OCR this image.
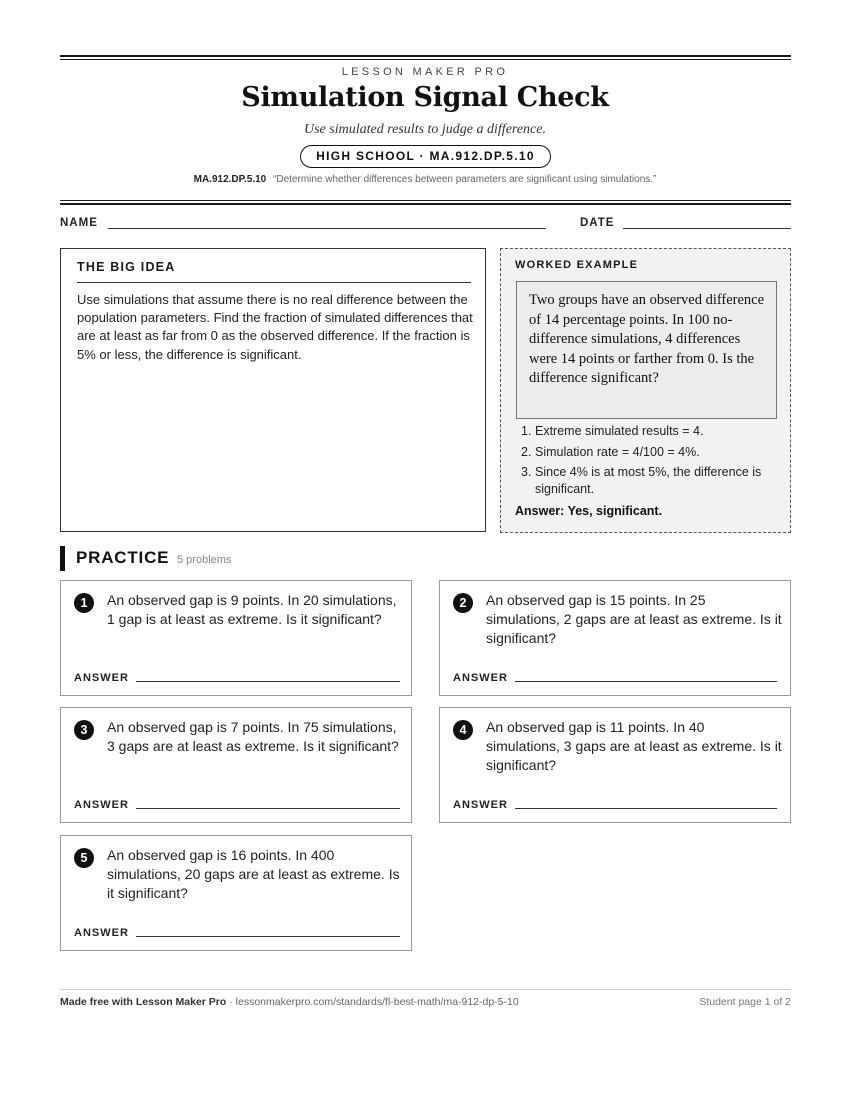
LESSON MAKER PRO
Simulation Signal Check
Use simulated results to judge a difference.
HIGH SCHOOL · MA.912.DP.5.10
MA.912.DP.5.10 “Determine whether differences between parameters are significant using simulations.”
NAME	DATE
THE BIG IDEA
Use simulations that assume there is no real difference between the population parameters. Find the fraction of simulated differences that are at least as far from 0 as the observed difference. If the fraction is 5% or less, the difference is significant.
WORKED EXAMPLE
Two groups have an observed difference of 14 percentage points. In 100 no-difference simulations, 4 differences were 14 points or farther from 0. Is the difference significant?
1. Extreme simulated results = 4.
2. Simulation rate = 4/100 = 4%.
3. Since 4% is at most 5%, the difference is significant.
Answer: Yes, significant.
PRACTICE 5 problems
1	An observed gap is 9 points. In 20 simulations, 1 gap is at least as extreme. Is it significant?
ANSWER
2	An observed gap is 15 points. In 25 simulations, 2 gaps are at least as extreme. Is it significant?
ANSWER
3	An observed gap is 7 points. In 75 simulations, 3 gaps are at least as extreme. Is it significant?
ANSWER
4	An observed gap is 11 points. In 40 simulations, 3 gaps are at least as extreme. Is it significant?
ANSWER
5	An observed gap is 16 points. In 400 simulations, 20 gaps are at least as extreme. Is it significant?
ANSWER
Made free with Lesson Maker Pro · lessonmakerpro.com/standards/fl-best-math/ma-912-dp-5-10	Student page 1 of 2
